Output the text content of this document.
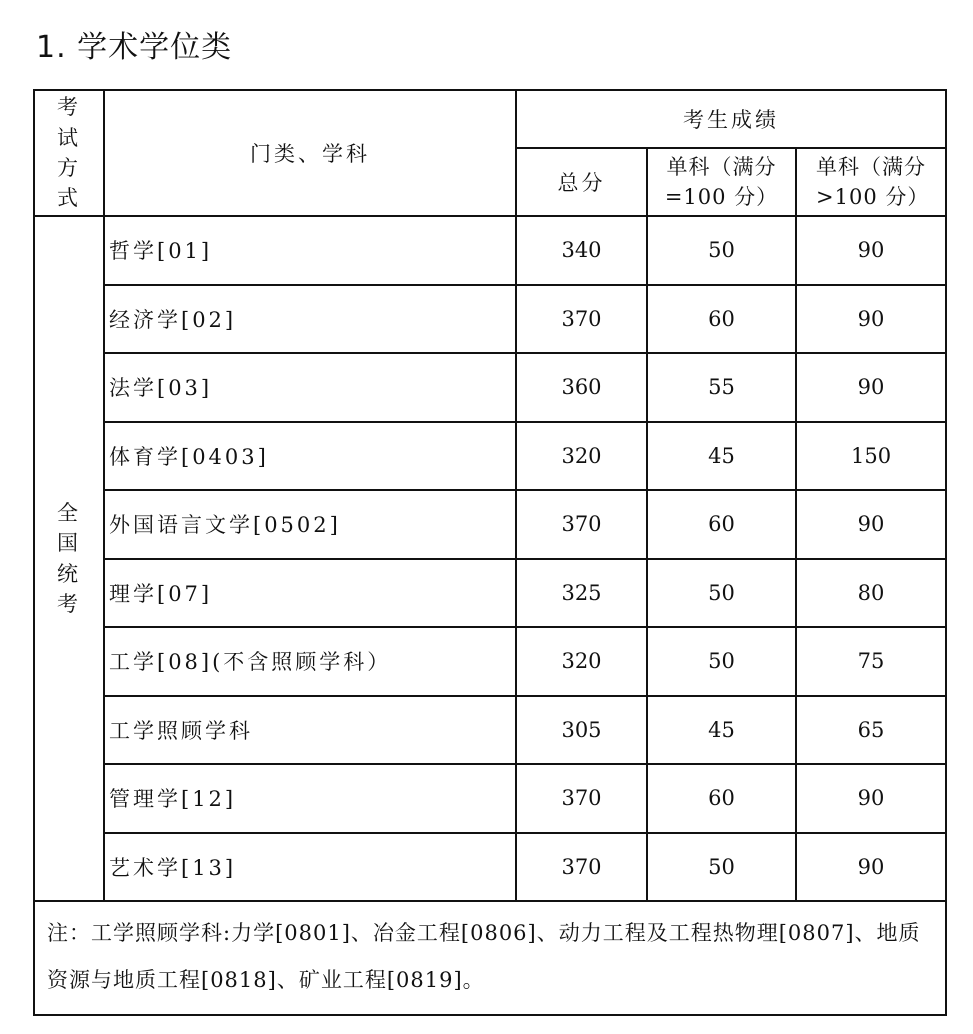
1. 学术学位类
考试方式	门类、学科	考生成绩		
		总分	单科（满分=100 分）	单科（满分>100 分）

全国统考	哲学[01]	340	50	90
	经济学[02]	370	60	90
	法学[03]	360	55	90
	体育学[0403]	320	45	150
	外国语言文学[0502]	370	60	90
	理学[07]	325	50	80
	工学[08](不含照顾学科）	320	50	75
	工学照顾学科	305	45	65
	管理学[12]	370	60	90
	艺术学[13]	370	50	90
注：工学照顾学科:力学[0801]、冶金工程[0806]、动力工程及工程热物理[0807]、地质资源与地质工程[0818]、矿业工程[0819]。				
